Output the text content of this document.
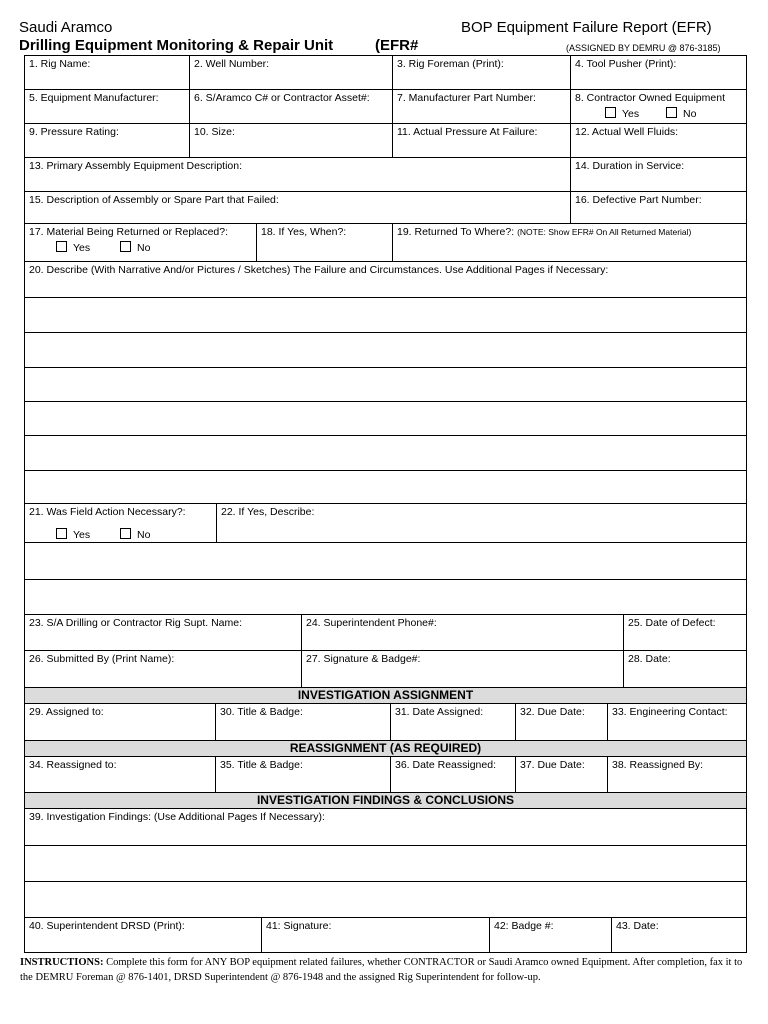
Saudi Aramco
Drilling Equipment Monitoring & Repair Unit	(EFR#
BOP Equipment Failure Report (EFR)
(ASSIGNED BY DEMRU @ 876-3185)
1. Rig Name:	2. Well Number:	3. Rig Foreman (Print):	4. Tool Pusher (Print):
5. Equipment Manufacturer:	6. S/Aramco C# or Contractor Asset#:	7. Manufacturer Part Number:	8. Contractor Owned Equipment
Yes	No
9. Pressure Rating:	10. Size:	11. Actual Pressure At Failure:	12. Actual Well Fluids:
13. Primary Assembly Equipment Description:	14. Duration in Service:
15. Description of Assembly or Spare Part that Failed:	16. Defective Part Number:
17. Material Being Returned or Replaced?:
Yes	No
18. If Yes, When?:	19. Returned To Where?: (NOTE: Show EFR# On All Returned Material)
20. Describe (With Narrative And/or Pictures / Sketches) The Failure and Circumstances. Use Additional Pages if Necessary:
21. Was Field Action Necessary?:
Yes	No
22. If Yes, Describe:
23. S/A Drilling or Contractor Rig Supt. Name:	24. Superintendent Phone#:	25. Date of Defect:
26. Submitted By (Print Name):	27. Signature & Badge#:	28. Date:
INVESTIGATION ASSIGNMENT
29. Assigned to:	30. Title & Badge:	31. Date Assigned:	32. Due Date:	33. Engineering Contact:
REASSIGNMENT (AS REQUIRED)
34. Reassigned to:	35. Title & Badge:	36. Date Reassigned:	37. Due Date:	38. Reassigned By:
INVESTIGATION FINDINGS & CONCLUSIONS
39. Investigation Findings: (Use Additional Pages If Necessary):
40. Superintendent DRSD (Print):	41: Signature:	42: Badge #:	43. Date:
INSTRUCTIONS: Complete this form for ANY BOP equipment related failures, whether CONTRACTOR or Saudi Aramco owned Equipment. After completion, fax it to the DEMRU Foreman @ 876-1401, DRSD Superintendent @ 876-1948 and the assigned Rig Superintendent for follow-up.
